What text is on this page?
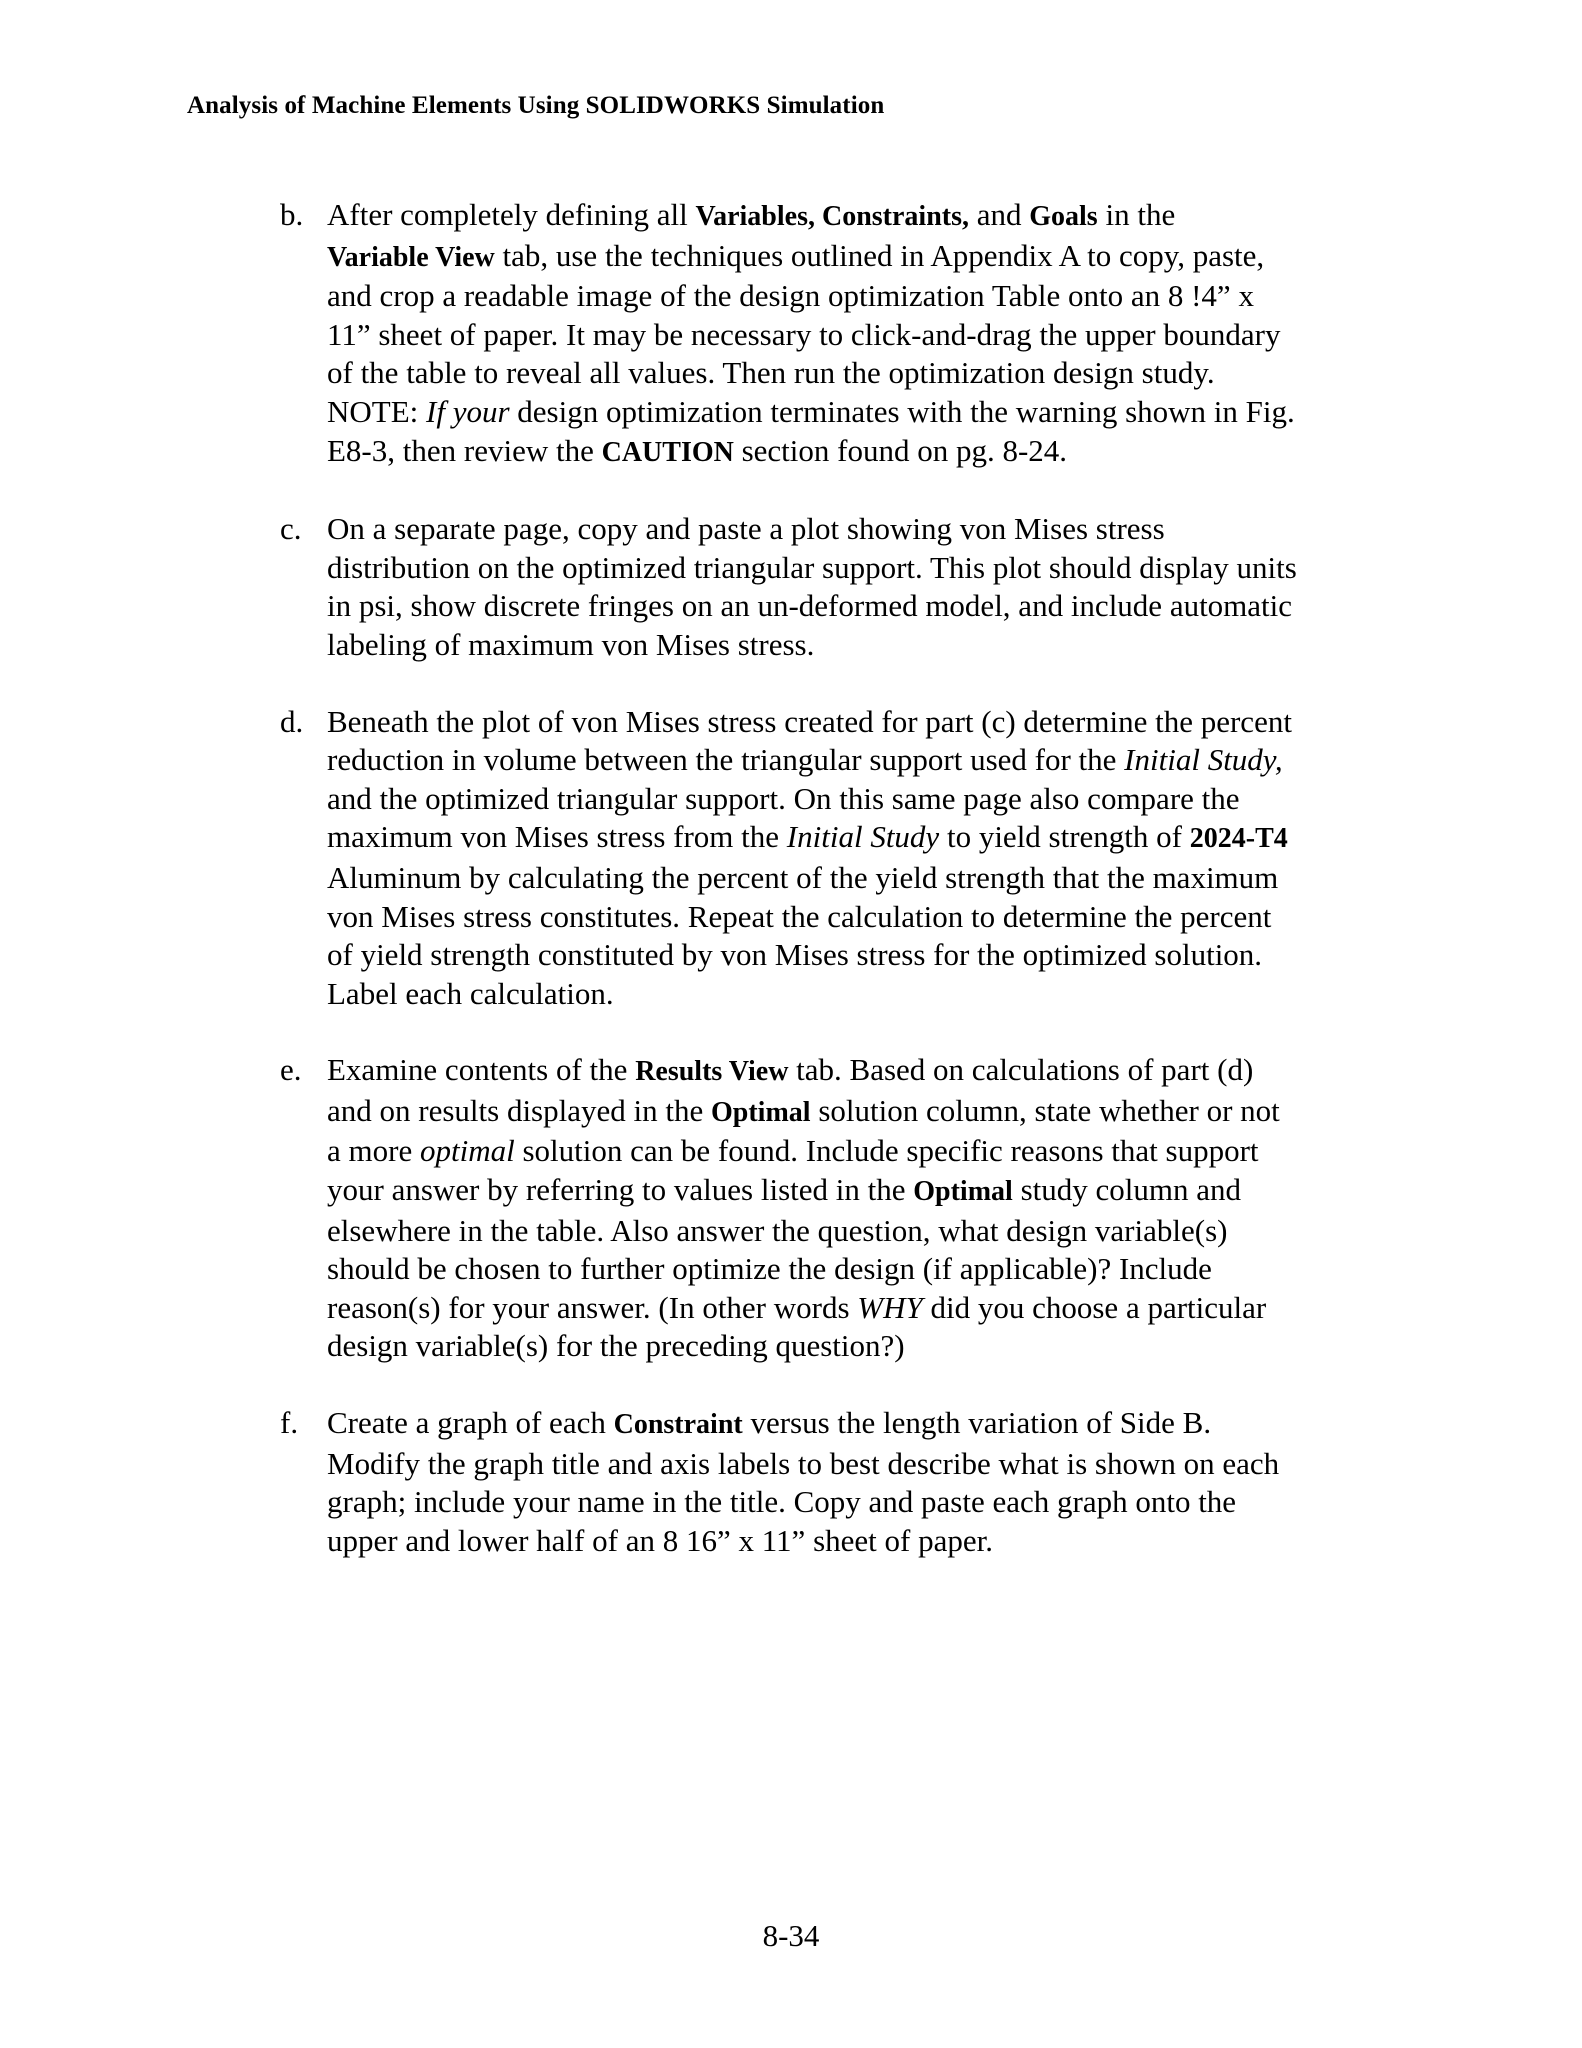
Analysis of Machine Elements Using SOLIDWORKS Simulation
b. After completely defining all Variables, Constraints, and Goals in the
Variable View tab, use the techniques outlined in Appendix A to copy, paste,
and crop a readable image of the design optimization Table onto an 8 !4” x
11” sheet of paper. It may be necessary to click-and-drag the upper boundary
of the table to reveal all values. Then run the optimization design study.
NOTE: If your design optimization terminates with the warning shown in Fig.
E8-3, then review the CAUTION section found on pg. 8-24.
c. On a separate page, copy and paste a plot showing von Mises stress
distribution on the optimized triangular support. This plot should display units
in psi, show discrete fringes on an un-deformed model, and include automatic
labeling of maximum von Mises stress.
d. Beneath the plot of von Mises stress created for part (c) determine the percent
reduction in volume between the triangular support used for the Initial Study,
and the optimized triangular support. On this same page also compare the
maximum von Mises stress from the Initial Study to yield strength of 2024-T4
Aluminum by calculating the percent of the yield strength that the maximum
von Mises stress constitutes. Repeat the calculation to determine the percent
of yield strength constituted by von Mises stress for the optimized solution.
Label each calculation.
e. Examine contents of the Results View tab. Based on calculations of part (d)
and on results displayed in the Optimal solution column, state whether or not
a more optimal solution can be found. Include specific reasons that support
your answer by referring to values listed in the Optimal study column and
elsewhere in the table. Also answer the question, what design variable(s)
should be chosen to further optimize the design (if applicable)? Include
reason(s) for your answer. (In other words WHY did you choose a particular
design variable(s) for the preceding question?)
f. Create a graph of each Constraint versus the length variation of Side B.
Modify the graph title and axis labels to best describe what is shown on each
graph; include your name in the title. Copy and paste each graph onto the
upper and lower half of an 8 16” x 11” sheet of paper.
8-34
